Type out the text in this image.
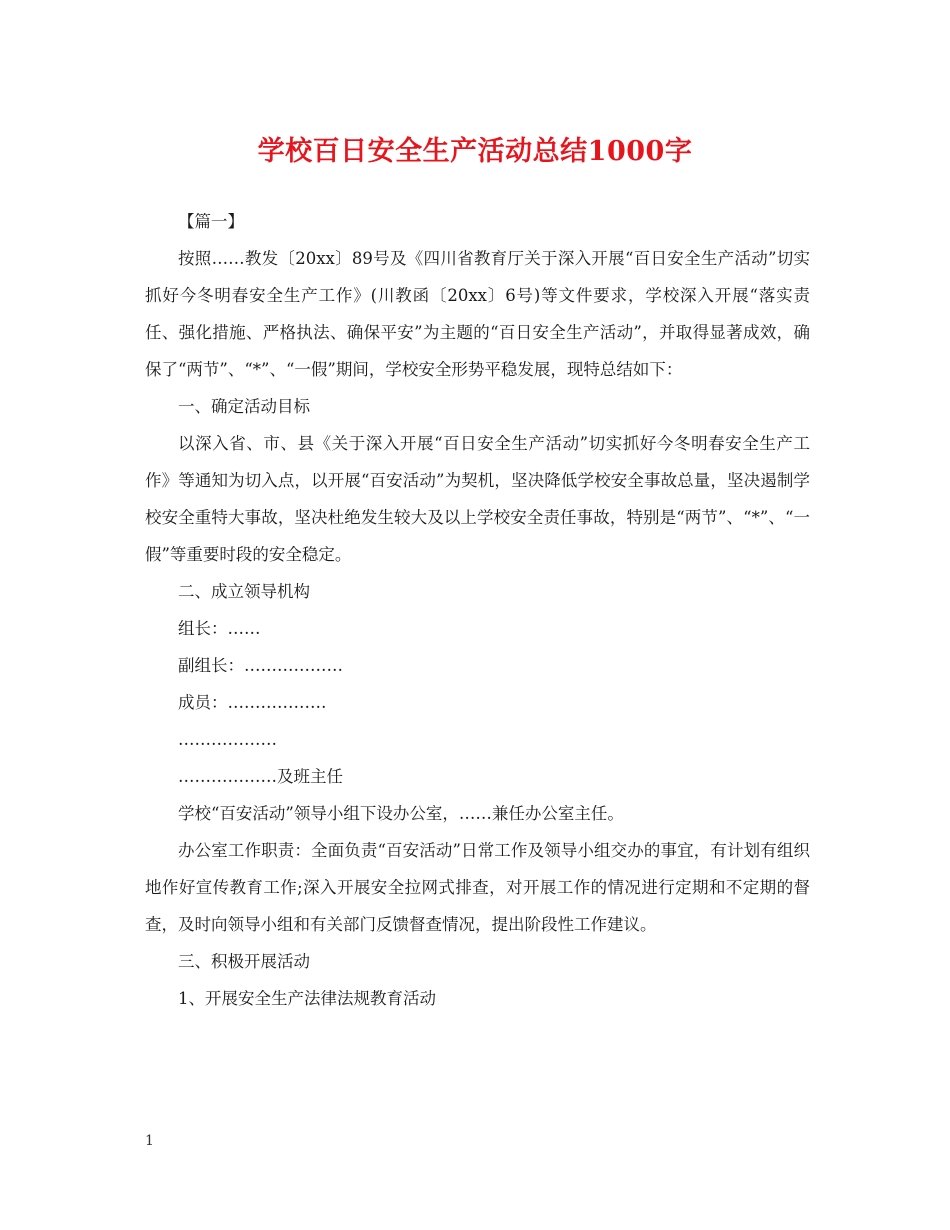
学校百日安全生产活动总结1000字

【篇一】

按照……教发〔20xx〕89号及《四川省教育厅关于深入开展“百日安全生产活动”切实抓好今冬明春安全生产工作》(川教函〔20xx〕6号)等文件要求，学校深入开展“落实责任、强化措施、严格执法、确保平安”为主题的“百日安全生产活动”，并取得显著成效，确保了“两节”、“*”、“一假”期间，学校安全形势平稳发展，现特总结如下：

一、确定活动目标

以深入省、市、县《关于深入开展“百日安全生产活动”切实抓好今冬明春安全生产工作》等通知为切入点，以开展“百安活动”为契机，坚决降低学校安全事故总量，坚决遏制学校安全重特大事故，坚决杜绝发生较大及以上学校安全责任事故，特别是“两节”、“*”、“一假”等重要时段的安全稳定。

二、成立领导机构

组长：……

副组长：………………

成员：………………

………………

………………及班主任

学校“百安活动”领导小组下设办公室，……兼任办公室主任。

办公室工作职责：全面负责“百安活动”日常工作及领导小组交办的事宜，有计划有组织地作好宣传教育工作;深入开展安全拉网式排查，对开展工作的情况进行定期和不定期的督查，及时向领导小组和有关部门反馈督查情况，提出阶段性工作建议。

三、积极开展活动

1、开展安全生产法律法规教育活动

1
